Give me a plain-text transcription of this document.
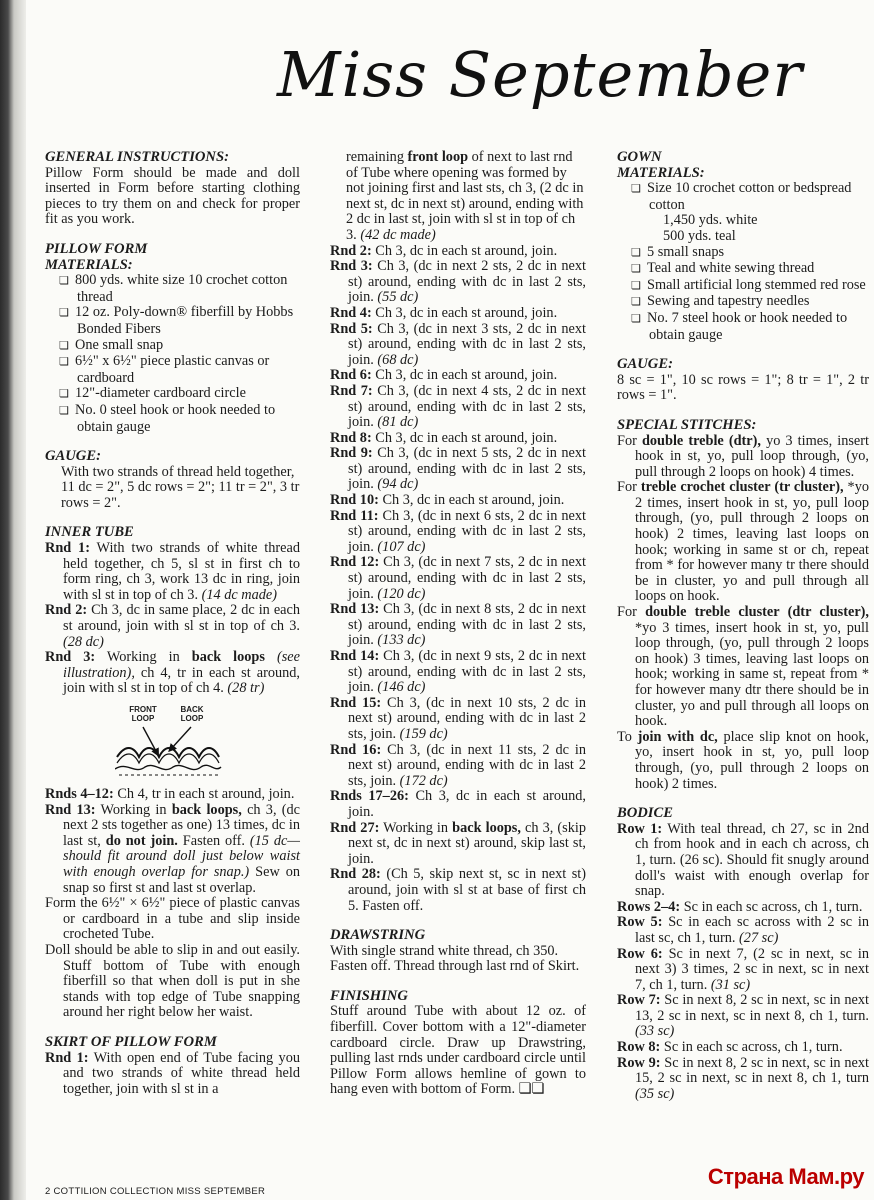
Miss September

GENERAL INSTRUCTIONS:

Pillow Form should be made and doll inserted in Form before starting clothing pieces to try them on and check for proper fit as you work.

PILLOW FORM

MATERIALS:

❏ 800 yds. white size 10 crochet cotton thread

❏ 12 oz. Poly-down® fiberfill by Hobbs Bonded Fibers

❏ One small snap

❏ 6½" x 6½" piece plastic canvas or cardboard

❏ 12"-diameter cardboard circle

❏ No. 0 steel hook or hook needed to obtain gauge

GAUGE:

With two strands of thread held together, 11 dc = 2", 5 dc rows = 2"; 11 tr = 2", 3 tr rows = 2".

INNER TUBE

Rnd 1: With two strands of white thread held together, ch 5, sl st in first ch to form ring, ch 3, work 13 dc in ring, join with sl st in top of ch 3. (14 dc made)

Rnd 2: Ch 3, dc in same place, 2 dc in each st around, join with sl st in top of ch 3. (28 dc)

Rnd 3: Working in back loops (see illustration), ch 4, tr in each st around, join with sl st in top of ch 4. (28 tr)

FRONT LOOP
BACK LOOP

Rnds 4–12: Ch 4, tr in each st around, join.

Rnd 13: Working in back loops, ch 3, (dc next 2 sts together as one) 13 times, dc in last st, do not join. Fasten off. (15 dc—should fit around doll just below waist with enough overlap for snap.) Sew on snap so first st and last st overlap.

Form the 6½" × 6½" piece of plastic canvas or cardboard in a tube and slip inside crocheted Tube.

Doll should be able to slip in and out easily. Stuff bottom of Tube with enough fiberfill so that when doll is put in she stands with top edge of Tube snapping around her right below her waist.

SKIRT OF PILLOW FORM

Rnd 1: With open end of Tube facing you and two strands of white thread held together, join with sl st in a

remaining front loop of next to last rnd of Tube where opening was formed by not joining first and last sts, ch 3, (2 dc in next st, dc in next st) around, ending with 2 dc in last st, join with sl st in top of ch 3. (42 dc made)

Rnd 2: Ch 3, dc in each st around, join.

Rnd 3: Ch 3, (dc in next 2 sts, 2 dc in next st) around, ending with dc in last 2 sts, join. (55 dc)

Rnd 4: Ch 3, dc in each st around, join.

Rnd 5: Ch 3, (dc in next 3 sts, 2 dc in next st) around, ending with dc in last 2 sts, join. (68 dc)

Rnd 6: Ch 3, dc in each st around, join.

Rnd 7: Ch 3, (dc in next 4 sts, 2 dc in next st) around, ending with dc in last 2 sts, join. (81 dc)

Rnd 8: Ch 3, dc in each st around, join.

Rnd 9: Ch 3, (dc in next 5 sts, 2 dc in next st) around, ending with dc in last 2 sts, join. (94 dc)

Rnd 10: Ch 3, dc in each st around, join.

Rnd 11: Ch 3, (dc in next 6 sts, 2 dc in next st) around, ending with dc in last 2 sts, join. (107 dc)

Rnd 12: Ch 3, (dc in next 7 sts, 2 dc in next st) around, ending with dc in last 2 sts, join. (120 dc)

Rnd 13: Ch 3, (dc in next 8 sts, 2 dc in next st) around, ending with dc in last 2 sts, join. (133 dc)

Rnd 14: Ch 3, (dc in next 9 sts, 2 dc in next st) around, ending with dc in last 2 sts, join. (146 dc)

Rnd 15: Ch 3, (dc in next 10 sts, 2 dc in next st) around, ending with dc in last 2 sts, join. (159 dc)

Rnd 16: Ch 3, (dc in next 11 sts, 2 dc in next st) around, ending with dc in last 2 sts, join. (172 dc)

Rnds 17–26: Ch 3, dc in each st around, join.

Rnd 27: Working in back loops, ch 3, (skip next st, dc in next st) around, skip last st, join.

Rnd 28: (Ch 5, skip next st, sc in next st) around, join with sl st at base of first ch 5. Fasten off.

DRAWSTRING

With single strand white thread, ch 350. Fasten off. Thread through last rnd of Skirt.

FINISHING

Stuff around Tube with about 12 oz. of fiberfill. Cover bottom with a 12"-diameter cardboard circle. Draw up Drawstring, pulling last rnds under cardboard circle until Pillow Form allows hemline of gown to hang even with bottom of Form. ❏❏

GOWN

MATERIALS:

❏ Size 10 crochet cotton or bedspread cotton

1,450 yds. white

500 yds. teal

❏ 5 small snaps

❏ Teal and white sewing thread

❏ Small artificial long stemmed red rose

❏ Sewing and tapestry needles

❏ No. 7 steel hook or hook needed to obtain gauge

GAUGE:

8 sc = 1", 10 sc rows = 1"; 8 tr = 1", 2 tr rows = 1".

SPECIAL STITCHES:

For double treble (dtr), yo 3 times, insert hook in st, yo, pull loop through, (yo, pull through 2 loops on hook) 4 times.

For treble crochet cluster (tr cluster), *yo 2 times, insert hook in st, yo, pull loop through, (yo, pull through 2 loops on hook) 2 times, leaving last loops on hook; working in same st or ch, repeat from * for however many tr there should be in cluster, yo and pull through all loops on hook.

For double treble cluster (dtr cluster), *yo 3 times, insert hook in st, yo, pull loop through, (yo, pull through 2 loops on hook) 3 times, leaving last loops on hook; working in same st, repeat from * for however many dtr there should be in cluster, yo and pull through all loops on hook.

To join with dc, place slip knot on hook, yo, insert hook in st, yo, pull loop through, (yo, pull through 2 loops on hook) 2 times.

BODICE

Row 1: With teal thread, ch 27, sc in 2nd ch from hook and in each ch across, ch 1, turn. (26 sc). Should fit snugly around doll's waist with enough overlap for snap.

Rows 2–4: Sc in each sc across, ch 1, turn.

Row 5: Sc in each sc across with 2 sc in last sc, ch 1, turn. (27 sc)

Row 6: Sc in next 7, (2 sc in next, sc in next 3) 3 times, 2 sc in next, sc in next 7, ch 1, turn. (31 sc)

Row 7: Sc in next 8, 2 sc in next, sc in next 13, 2 sc in next, sc in next 8, ch 1, turn. (33 sc)

Row 8: Sc in each sc across, ch 1, turn.

Row 9: Sc in next 8, 2 sc in next, sc in next 15, 2 sc in next, sc in next 8, ch 1, turn (35 sc)

2 COTTILION COLLECTION MISS SEPTEMBER
Страна Мам.ру
